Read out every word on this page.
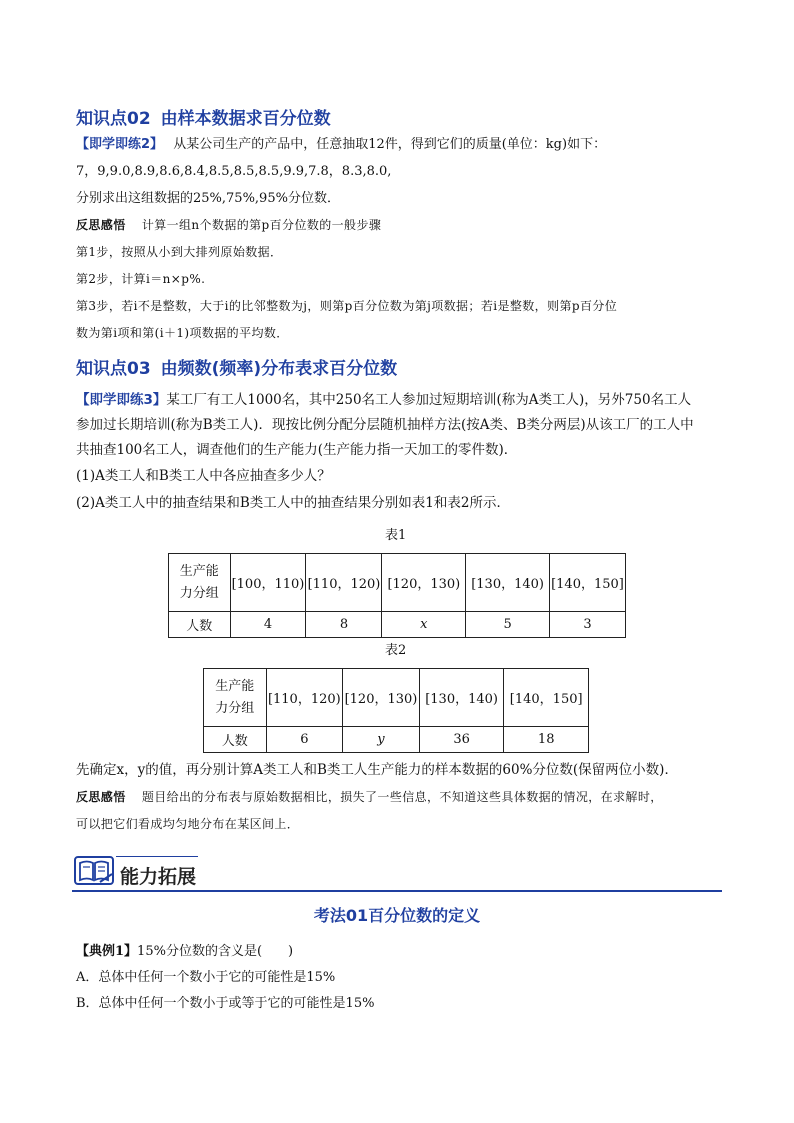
知识点02 由样本数据求百分位数
【即学即练2】 从某公司生产的产品中，任意抽取12件，得到它们的质量(单位：kg)如下：
7，9,9.0,8.9,8.6,8.4,8.5,8.5,8.5,9.9,7.8，8.3,8.0,
分别求出这组数据的25%,75%,95%分位数．
反思感悟 计算一组n个数据的第p百分位数的一般步骤
第1步，按照从小到大排列原始数据．
第2步，计算i＝n×p%.
第3步，若i不是整数，大于i的比邻整数为j，则第p百分位数为第j项数据；若i是整数，则第p百分位
数为第i项和第(i＋1)项数据的平均数．
知识点03 由频数(频率)分布表求百分位数
【即学即练3】某工厂有工人1000名，其中250名工人参加过短期培训(称为A类工人)，另外750名工人
参加过长期培训(称为B类工人)．现按比例分配分层随机抽样方法(按A类、B类分两层)从该工厂的工人中
共抽查100名工人，调查他们的生产能力(生产能力指一天加工的零件数)．
(1)A类工人和B类工人中各应抽查多少人？
(2)A类工人中的抽查结果和B类工人中的抽查结果分别如表1和表2所示．
表1
生产能
力分组	[100，110)	[110，120)	[120，130)	[130，140)	[140，150]
人数	4	8	x	5	3
表2
生产能
力分组	[110，120)	[120，130)	[130，140)	[140，150]
人数	6	y	36	18
先确定x，y的值，再分别计算A类工人和B类工人生产能力的样本数据的60%分位数(保留两位小数)．
反思感悟 题目给出的分布表与原始数据相比，损失了一些信息，不知道这些具体数据的情况，在求解时，
可以把它们看成均匀地分布在某区间上．
能力拓展
考法01百分位数的定义
【典例1】15%分位数的含义是(　　)
A．总体中任何一个数小于它的可能性是15%
B．总体中任何一个数小于或等于它的可能性是15%
